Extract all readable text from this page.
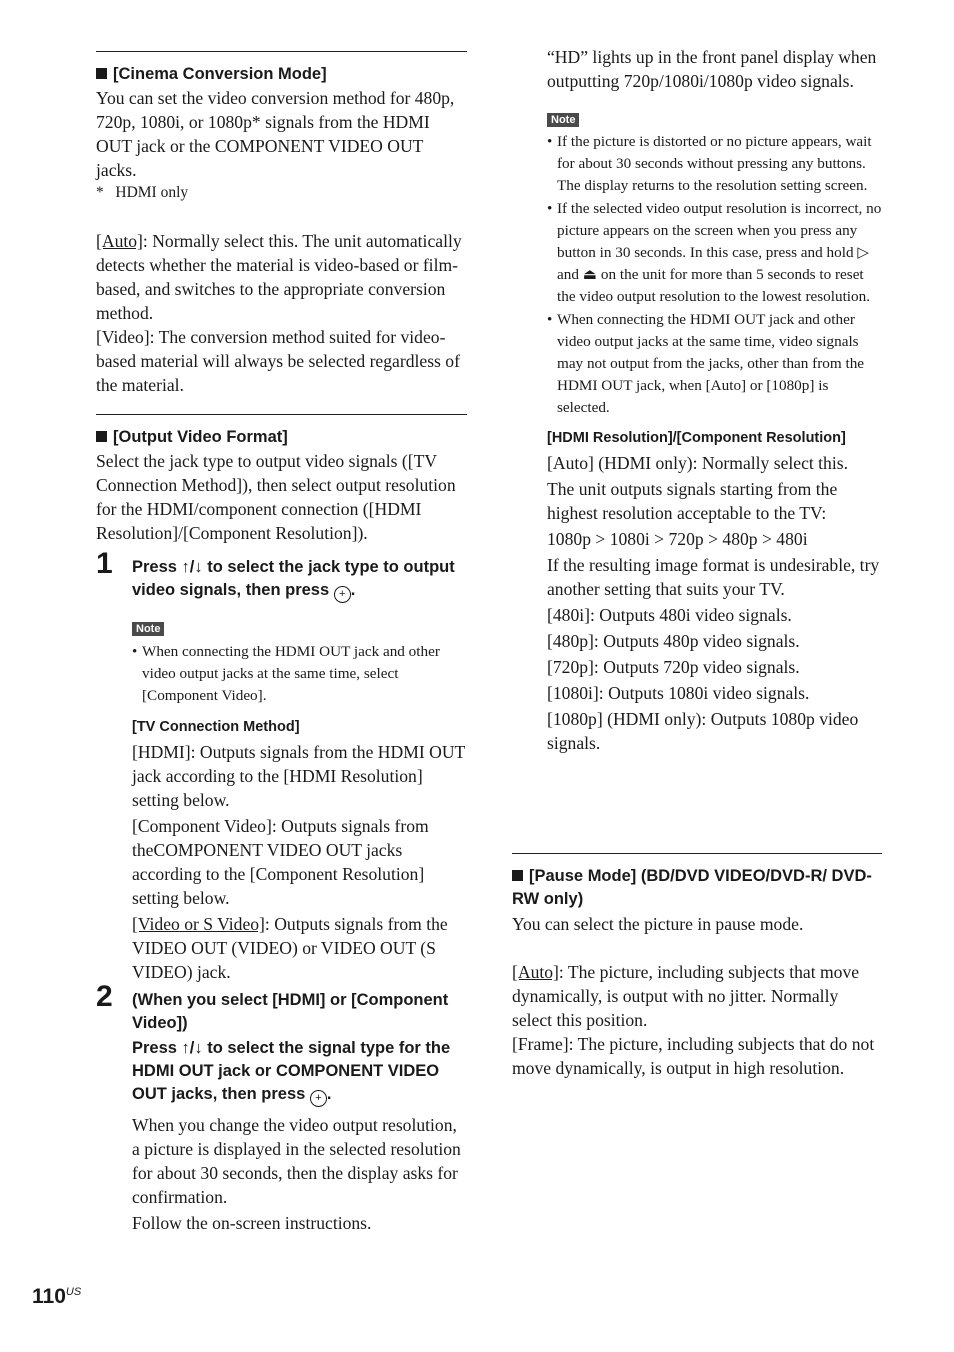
[Cinema Conversion Mode]

You can set the video conversion method for 480p, 720p, 1080i, or 1080p* signals from the HDMI OUT jack or the COMPONENT VIDEO OUT jacks.

* HDMI only

[Auto]: Normally select this. The unit automatically detects whether the material is video-based or film-based, and switches to the appropriate conversion method.

[Video]: The conversion method suited for video-based material will always be selected regardless of the material.

[Output Video Format]

Select the jack type to output video signals ([TV Connection Method]), then select output resolution for the HDMI/component connection ([HDMI Resolution]/[Component Resolution]).

1 Press ↑/↓ to select the jack type to output video signals, then press + .

Note
• When connecting the HDMI OUT jack and other video output jacks at the same time, select [Component Video].

[TV Connection Method]

[HDMI]: Outputs signals from the HDMI OUT jack according to the [HDMI Resolution] setting below.

[Component Video]: Outputs signals from theCOMPONENT VIDEO OUT jacks according to the [Component Resolution] setting below.

[Video or S Video]: Outputs signals from the VIDEO OUT (VIDEO) or VIDEO OUT (S VIDEO) jack.

2 (When you select [HDMI] or [Component Video])

Press ↑/↓ to select the signal type for the HDMI OUT jack or COMPONENT VIDEO OUT jacks, then press + .

When you change the video output resolution, a picture is displayed in the selected resolution for about 30 seconds, then the display asks for confirmation.

Follow the on-screen instructions.

“HD” lights up in the front panel display when outputting 720p/1080i/1080p video signals.

Note
• If the picture is distorted or no picture appears, wait for about 30 seconds without pressing any buttons. The display returns to the resolution setting screen.
• If the selected video output resolution is incorrect, no picture appears on the screen when you press any button in 30 seconds. In this case, press and hold ▷ and ⏏ on the unit for more than 5 seconds to reset the video output resolution to the lowest resolution.
• When connecting the HDMI OUT jack and other video output jacks at the same time, video signals may not output from the jacks, other than from the HDMI OUT jack, when [Auto] or [1080p] is selected.

[HDMI Resolution]/[Component Resolution]

[Auto] (HDMI only): Normally select this.

The unit outputs signals starting from the highest resolution acceptable to the TV:

1080p > 1080i > 720p > 480p > 480i

If the resulting image format is undesirable, try another setting that suits your TV.

[480i]: Outputs 480i video signals.

[480p]: Outputs 480p video signals.

[720p]: Outputs 720p video signals.

[1080i]: Outputs 1080i video signals.

[1080p] (HDMI only): Outputs 1080p video signals.

[Pause Mode] (BD/DVD VIDEO/DVD-R/ DVD-RW only)

You can select the picture in pause mode.

[Auto]: The picture, including subjects that move dynamically, is output with no jitter. Normally select this position.

[Frame]: The picture, including subjects that do not move dynamically, is output in high resolution.

$110^{US}$
